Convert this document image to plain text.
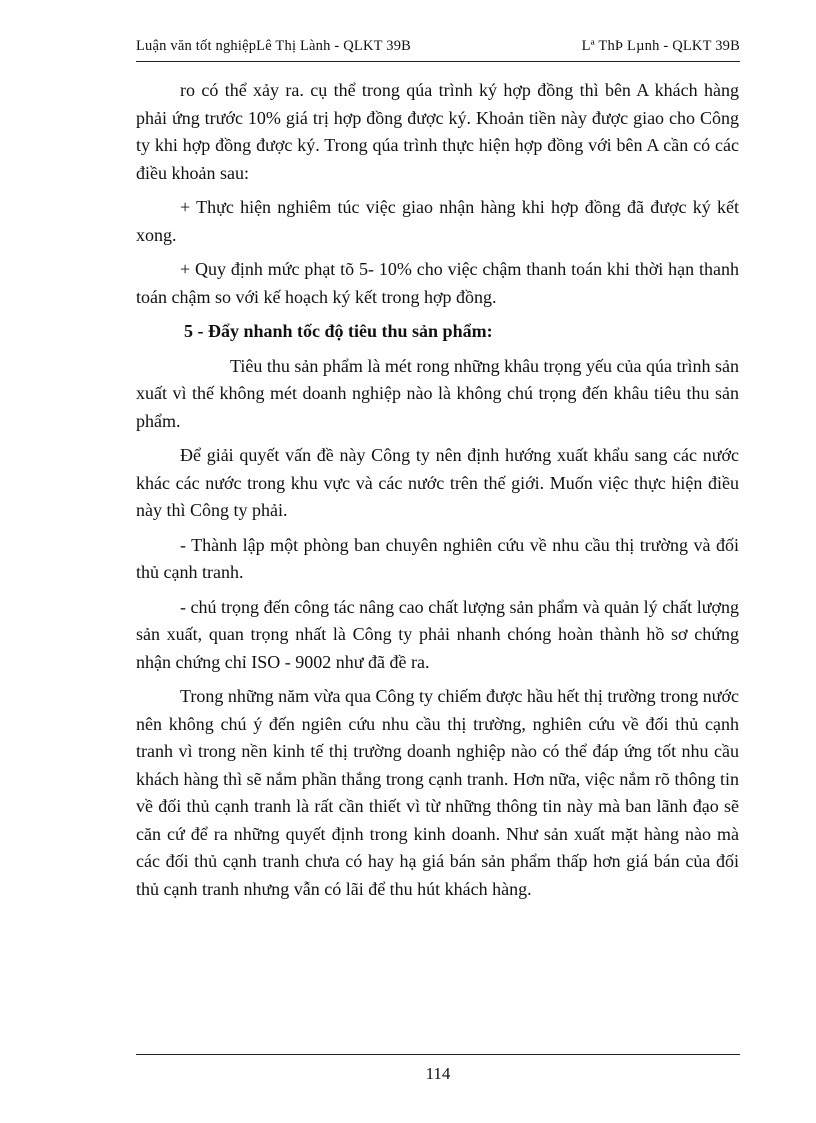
Luận văn tốt nghiệpLê Thị Lành - QLKT 39B	Lª ThÞ Lµnh - QLKT 39B

ro có thể xảy ra. cụ thể trong qúa trình ký hợp đồng thì bên A khách hàng phải ứng trước 10% giá trị hợp đồng được ký. Khoản tiền này được giao cho Công ty khi hợp đồng được ký. Trong qúa trình thực hiện hợp đồng với bên A cần có các điều khoản sau:

+ Thực hiện nghiêm túc việc giao nhận hàng khi hợp đồng đã được ký kết xong.

+ Quy định mức phạt tõ 5- 10% cho việc chậm thanh toán khi thời hạn thanh toán chậm so với kế hoạch ký kết trong hợp đồng.

5 - Đẩy nhanh tốc độ tiêu thu sản phẩm:

Tiêu thu sản phẩm là mét rong những khâu trọng yếu của qúa trình sản xuất vì thế không mét doanh nghiệp nào là không chú trọng đến khâu tiêu thu sản phẩm.

Để giải quyết vấn đề này Công ty nên định hướng xuất khẩu sang các nước khác các nước trong khu vực và các nước trên thế giới. Muốn việc thực hiện điều này thì Công ty phải.

- Thành lập một phòng ban chuyên nghiên cứu về nhu cầu thị trường và đối thủ cạnh tranh.

- chú trọng đến công tác nâng cao chất lượng sản phẩm và quản lý chất lượng sản xuất, quan trọng nhất là Công ty phải nhanh chóng hoàn thành hồ sơ chứng nhận chứng chỉ ISO - 9002 như đã đề ra.

Trong những năm vừa qua Công ty chiếm được hầu hết thị trường trong nước nên không chú ý đến ngiên cứu nhu cầu thị trường, nghiên cứu về đối thủ cạnh tranh vì trong nền kinh tế thị trường doanh nghiệp nào có thể đáp ứng tốt nhu cầu khách hàng thì sẽ nắm phần thắng trong cạnh tranh. Hơn nữa, việc nắm rõ thông tin về đối thủ cạnh tranh là rất cần thiết vì từ những thông tin này mà ban lãnh đạo sẽ căn cứ để ra những quyết định trong kinh doanh. Như sản xuất mặt hàng nào mà các đối thủ cạnh tranh chưa có hay hạ giá bán sản phẩm thấp hơn giá bán của đối thủ cạnh tranh nhưng vẫn có lãi để thu hút khách hàng.

114
